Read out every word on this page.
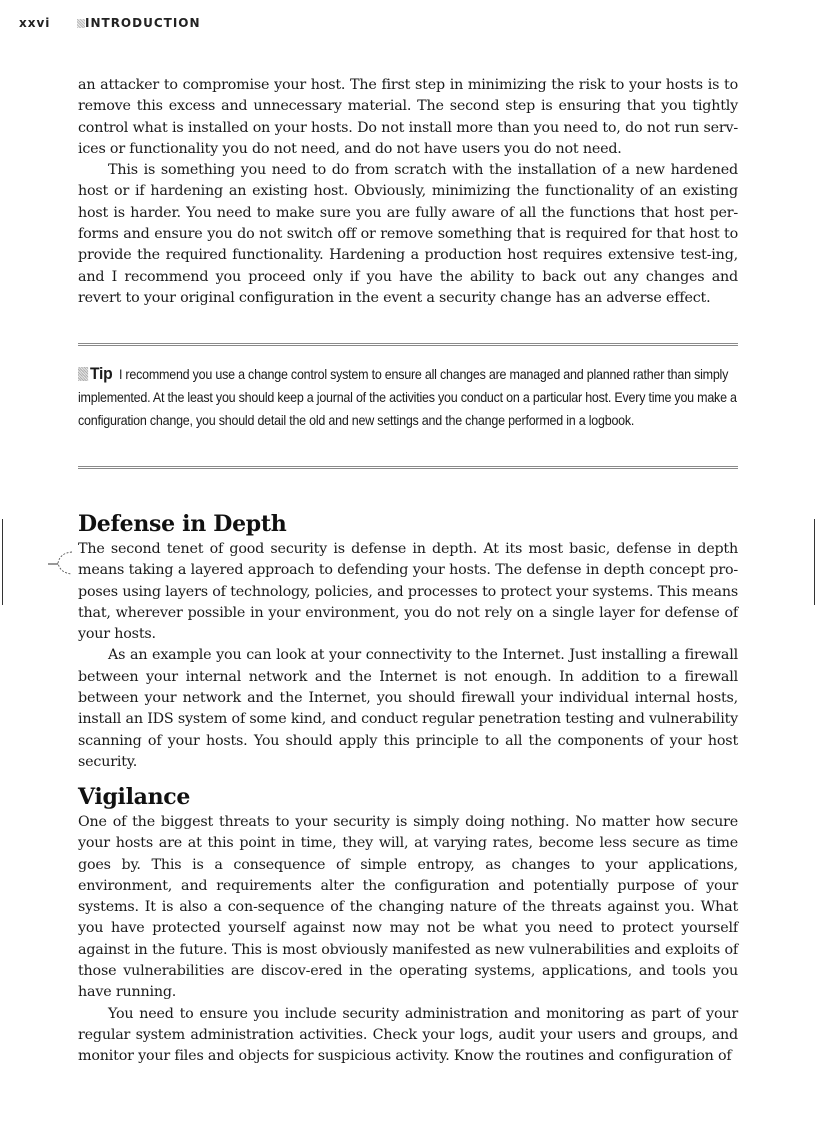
xxvi	INTRODUCTION

an attacker to compromise your host. The first step in minimizing the risk to your hosts is to remove this excess and unnecessary material. The second step is ensuring that you tightly control what is installed on your hosts. Do not install more than you need to, do not run serv-ices or functionality you do not need, and do not have users you do not need.

This is something you need to do from scratch with the installation of a new hardened host or if hardening an existing host. Obviously, minimizing the functionality of an existing host is harder. You need to make sure you are fully aware of all the functions that host per-forms and ensure you do not switch off or remove something that is required for that host to provide the required functionality. Hardening a production host requires extensive test-ing, and I recommend you proceed only if you have the ability to back out any changes and revert to your original configuration in the event a security change has an adverse effect.

Tip I recommend you use a change control system to ensure all changes are managed and planned rather than simply implemented. At the least you should keep a journal of the activities you conduct on a particular host. Every time you make a configuration change, you should detail the old and new settings and the change performed in a logbook.

Defense in Depth

The second tenet of good security is defense in depth. At its most basic, defense in depth means taking a layered approach to defending your hosts. The defense in depth concept pro-poses using layers of technology, policies, and processes to protect your systems. This means that, wherever possible in your environment, you do not rely on a single layer for defense of your hosts.

As an example you can look at your connectivity to the Internet. Just installing a firewall between your internal network and the Internet is not enough. In addition to a firewall between your network and the Internet, you should firewall your individual internal hosts, install an IDS system of some kind, and conduct regular penetration testing and vulnerability scanning of your hosts. You should apply this principle to all the components of your host security.

Vigilance

One of the biggest threats to your security is simply doing nothing. No matter how secure your hosts are at this point in time, they will, at varying rates, become less secure as time goes by. This is a consequence of simple entropy, as changes to your applications, environment, and requirements alter the configuration and potentially purpose of your systems. It is also a con-sequence of the changing nature of the threats against you. What you have protected yourself against now may not be what you need to protect yourself against in the future. This is most obviously manifested as new vulnerabilities and exploits of those vulnerabilities are discov-ered in the operating systems, applications, and tools you have running.

You need to ensure you include security administration and monitoring as part of your regular system administration activities. Check your logs, audit your users and groups, and monitor your files and objects for suspicious activity. Know the routines and configuration of
